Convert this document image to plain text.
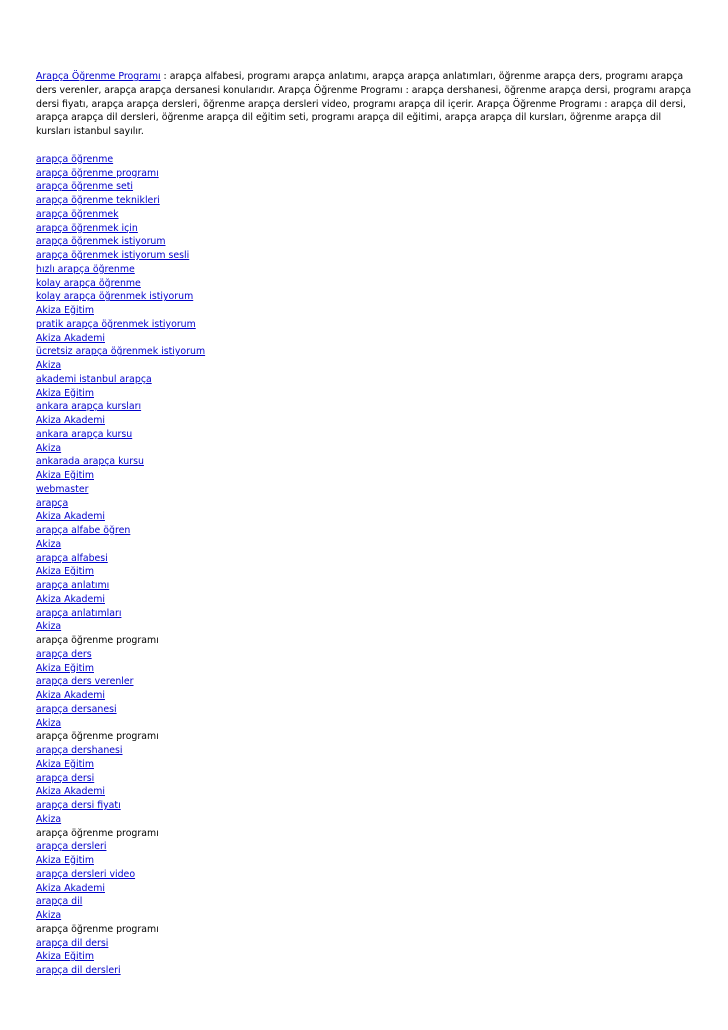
Arapça Öğrenme Programı : arapça alfabesi, programı arapça anlatımı, arapça arapça anlatımları, öğrenme arapça ders, programı arapça ders verenler, arapça arapça dersanesi konularıdır. Arapça Öğrenme Programı : arapça dershanesi, öğrenme arapça dersi, programı arapça dersi fiyatı, arapça arapça dersleri, öğrenme arapça dersleri video, programı arapça dil içerir. Arapça Öğrenme Programı : arapça dil dersi, arapça arapça dil dersleri, öğrenme arapça dil eğitim seti, programı arapça dil eğitimi, arapça arapça dil kursları, öğrenme arapça dil kursları istanbul sayılır.

arapça öğrenme
arapça öğrenme programı
arapça öğrenme seti
arapça öğrenme teknikleri
arapça öğrenmek
arapça öğrenmek için
arapça öğrenmek istiyorum
arapça öğrenmek istiyorum sesli
hızlı arapça öğrenme
kolay arapça öğrenme
kolay arapça öğrenmek istiyorum
Akiza Eğitim
pratik arapça öğrenmek istiyorum
Akiza Akademi
ücretsiz arapça öğrenmek istiyorum
Akiza
akademi istanbul arapça
Akiza Eğitim
ankara arapça kursları
Akiza Akademi
ankara arapça kursu
Akiza
ankarada arapça kursu
Akiza Eğitim
webmaster
arapça
Akiza Akademi
arapça alfabe öğren
Akiza
arapça alfabesi
Akiza Eğitim
arapça anlatımı
Akiza Akademi
arapça anlatımları
Akiza
arapça öğrenme programı
arapça ders
Akiza Eğitim
arapça ders verenler
Akiza Akademi
arapça dersanesi
Akiza
arapça öğrenme programı
arapça dershanesi
Akiza Eğitim
arapça dersi
Akiza Akademi
arapça dersi fiyatı
Akiza
arapça öğrenme programı
arapça dersleri
Akiza Eğitim
arapça dersleri video
Akiza Akademi
arapça dil
Akiza
arapça öğrenme programı
arapça dil dersi
Akiza Eğitim
arapça dil dersleri
